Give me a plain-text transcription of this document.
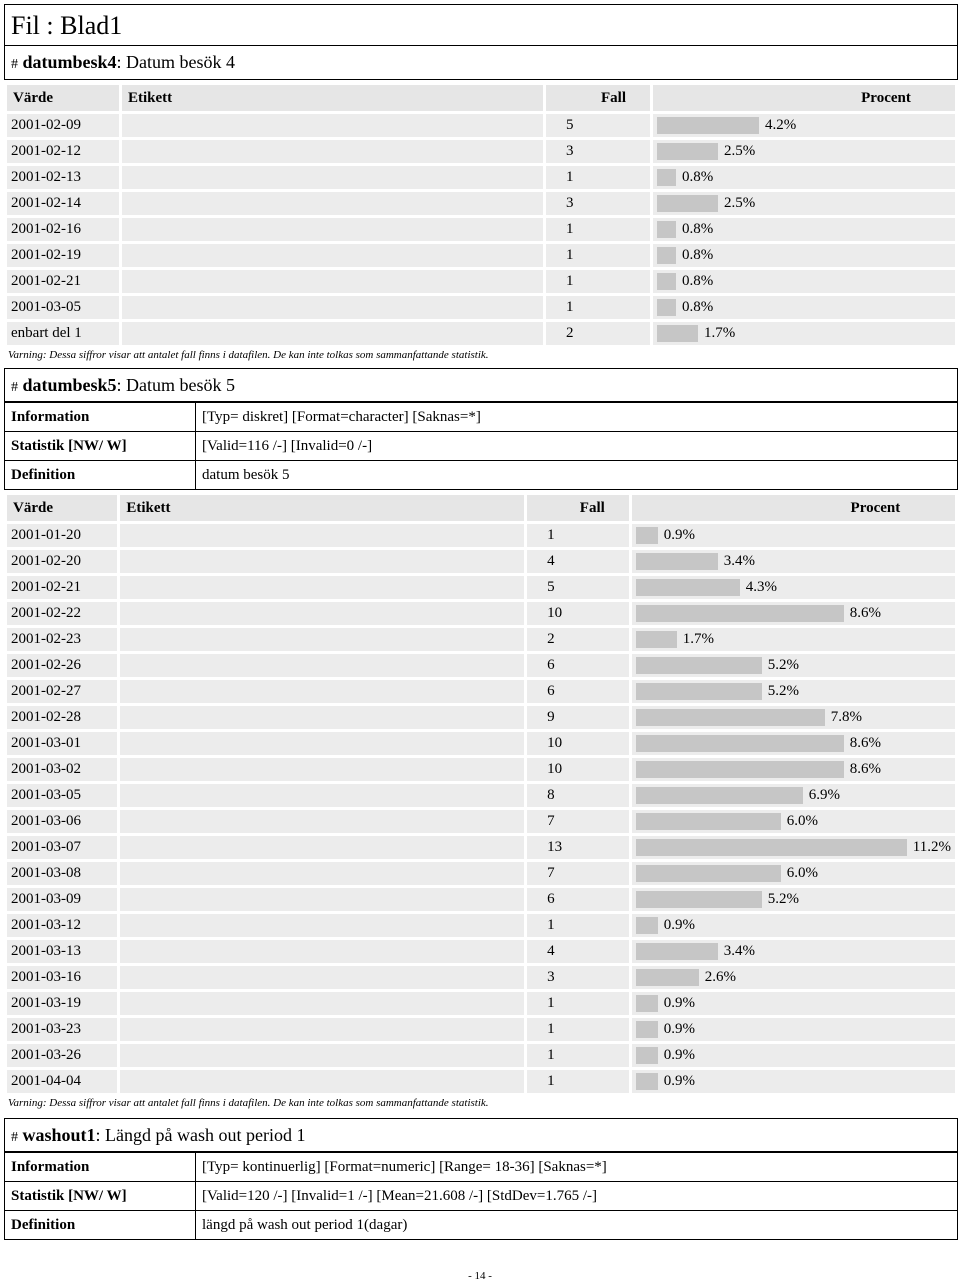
Fil : Blad1
# datumbesk4: Datum besök 4
Värde	Etikett	Fall	Procent
2001-02-09		5	4.2%
2001-02-12		3	2.5%
2001-02-13		1	0.8%
2001-02-14		3	2.5%
2001-02-16		1	0.8%
2001-02-19		1	0.8%
2001-02-21		1	0.8%
2001-03-05		1	0.8%
enbart del 1		2	1.7%
Varning: Dessa siffror visar att antalet fall finns i datafilen. De kan inte tolkas som sammanfattande statistik.
# datumbesk5: Datum besök 5
Information	[Typ= diskret] [Format=character] [Saknas=*]
Statistik [NW/ W]	[Valid=116 /-] [Invalid=0 /-]
Definition	datum besök 5
Värde	Etikett	Fall	Procent
2001-01-20		1	0.9%
2001-02-20		4	3.4%
2001-02-21		5	4.3%
2001-02-22		10	8.6%
2001-02-23		2	1.7%
2001-02-26		6	5.2%
2001-02-27		6	5.2%
2001-02-28		9	7.8%
2001-03-01		10	8.6%
2001-03-02		10	8.6%
2001-03-05		8	6.9%
2001-03-06		7	6.0%
2001-03-07		13	11.2%
2001-03-08		7	6.0%
2001-03-09		6	5.2%
2001-03-12		1	0.9%
2001-03-13		4	3.4%
2001-03-16		3	2.6%
2001-03-19		1	0.9%
2001-03-23		1	0.9%
2001-03-26		1	0.9%
2001-04-04		1	0.9%
Varning: Dessa siffror visar att antalet fall finns i datafilen. De kan inte tolkas som sammanfattande statistik.
# washout1: Längd på wash out period 1
Information	[Typ= kontinuerlig] [Format=numeric] [Range= 18-36] [Saknas=*]
Statistik [NW/ W]	[Valid=120 /-] [Invalid=1 /-] [Mean=21.608 /-] [StdDev=1.765 /-]
Definition	längd på wash out period 1(dagar)
- 14 -
